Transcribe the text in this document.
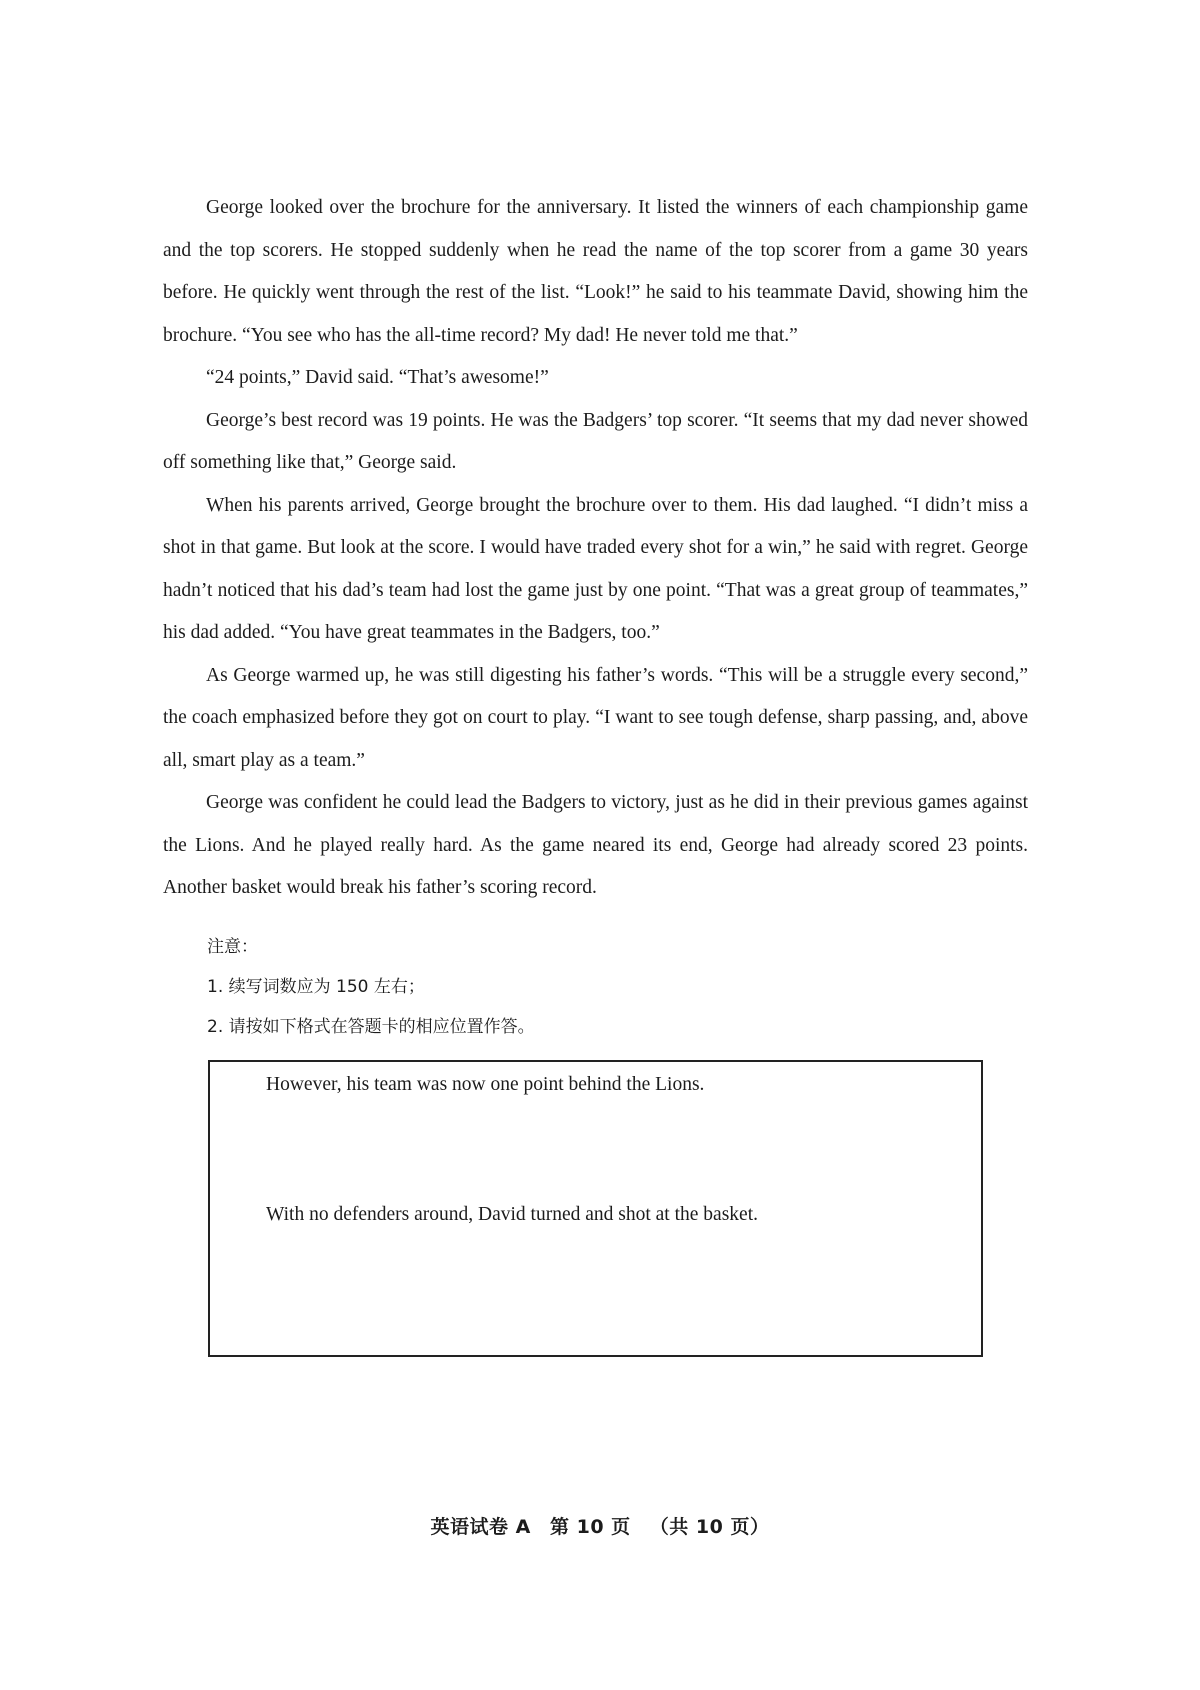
George looked over the brochure for the anniversary. It listed the winners of each championship game and the top scorers. He stopped suddenly when he read the name of the top scorer from a game 30 years before. He quickly went through the rest of the list. “Look!” he said to his teammate David, showing him the brochure. “You see who has the all-time record? My dad! He never told me that.”

“24 points,” David said. “That’s awesome!”

George’s best record was 19 points. He was the Badgers’ top scorer. “It seems that my dad never showed off something like that,” George said.

When his parents arrived, George brought the brochure over to them. His dad laughed. “I didn’t miss a shot in that game. But look at the score. I would have traded every shot for a win,” he said with regret. George hadn’t noticed that his dad’s team had lost the game just by one point. “That was a great group of teammates,” his dad added. “You have great teammates in the Badgers, too.”

As George warmed up, he was still digesting his father’s words. “This will be a struggle every second,” the coach emphasized before they got on court to play. “I want to see tough defense, sharp passing, and, above all, smart play as a team.”

George was confident he could lead the Badgers to victory, just as he did in their previous games against the Lions. And he played really hard. As the game neared its end, George had already scored 23 points. Another basket would break his father’s scoring record.

注意：
1. 续写词数应为 150 左右；
2. 请按如下格式在答题卡的相应位置作答。
However, his team was now one point behind the Lions.
With no defenders around, David turned and shot at the basket.
英语试卷 A 第 10 页 （共 10 页）
